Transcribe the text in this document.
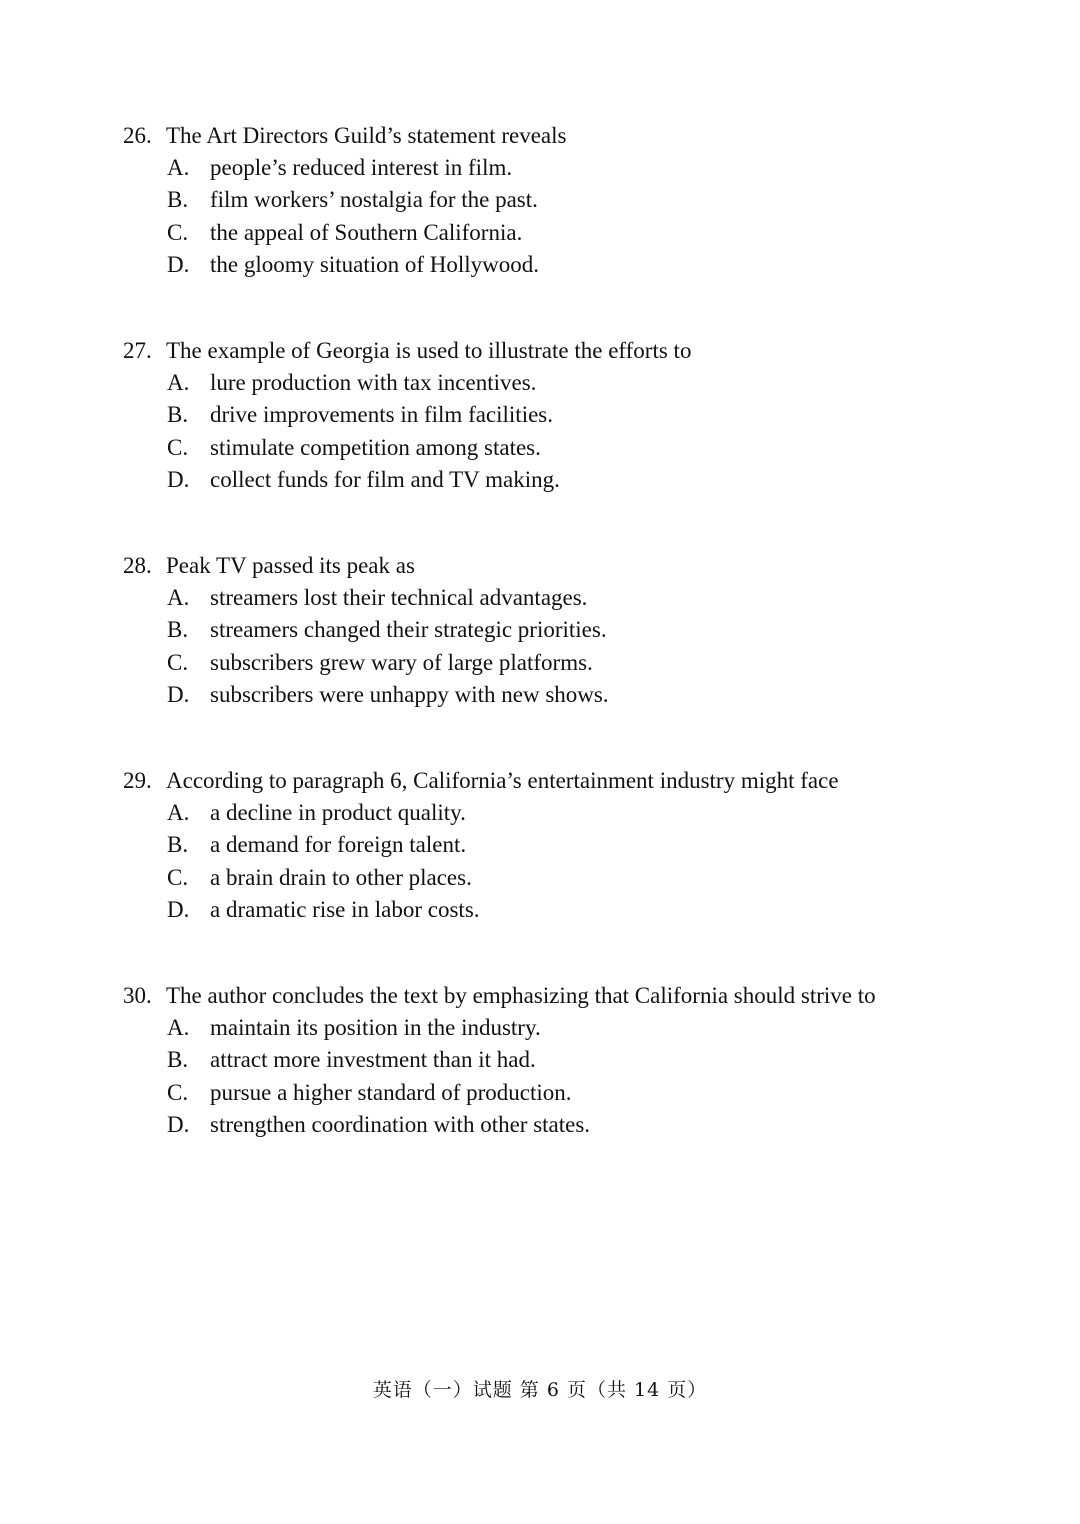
26. The Art Directors Guild’s statement reveals
A. people’s reduced interest in film.
B. film workers’ nostalgia for the past.
C. the appeal of Southern California.
D. the gloomy situation of Hollywood.
27. The example of Georgia is used to illustrate the efforts to
A. lure production with tax incentives.
B. drive improvements in film facilities.
C. stimulate competition among states.
D. collect funds for film and TV making.
28. Peak TV passed its peak as
A. streamers lost their technical advantages.
B. streamers changed their strategic priorities.
C. subscribers grew wary of large platforms.
D. subscribers were unhappy with new shows.
29. According to paragraph 6, California’s entertainment industry might face
A. a decline in product quality.
B. a demand for foreign talent.
C. a brain drain to other places.
D. a dramatic rise in labor costs.
30. The author concludes the text by emphasizing that California should strive to
A. maintain its position in the industry.
B. attract more investment than it had.
C. pursue a higher standard of production.
D. strengthen coordination with other states.
英语（一）试题 第 6 页（共 14 页）
